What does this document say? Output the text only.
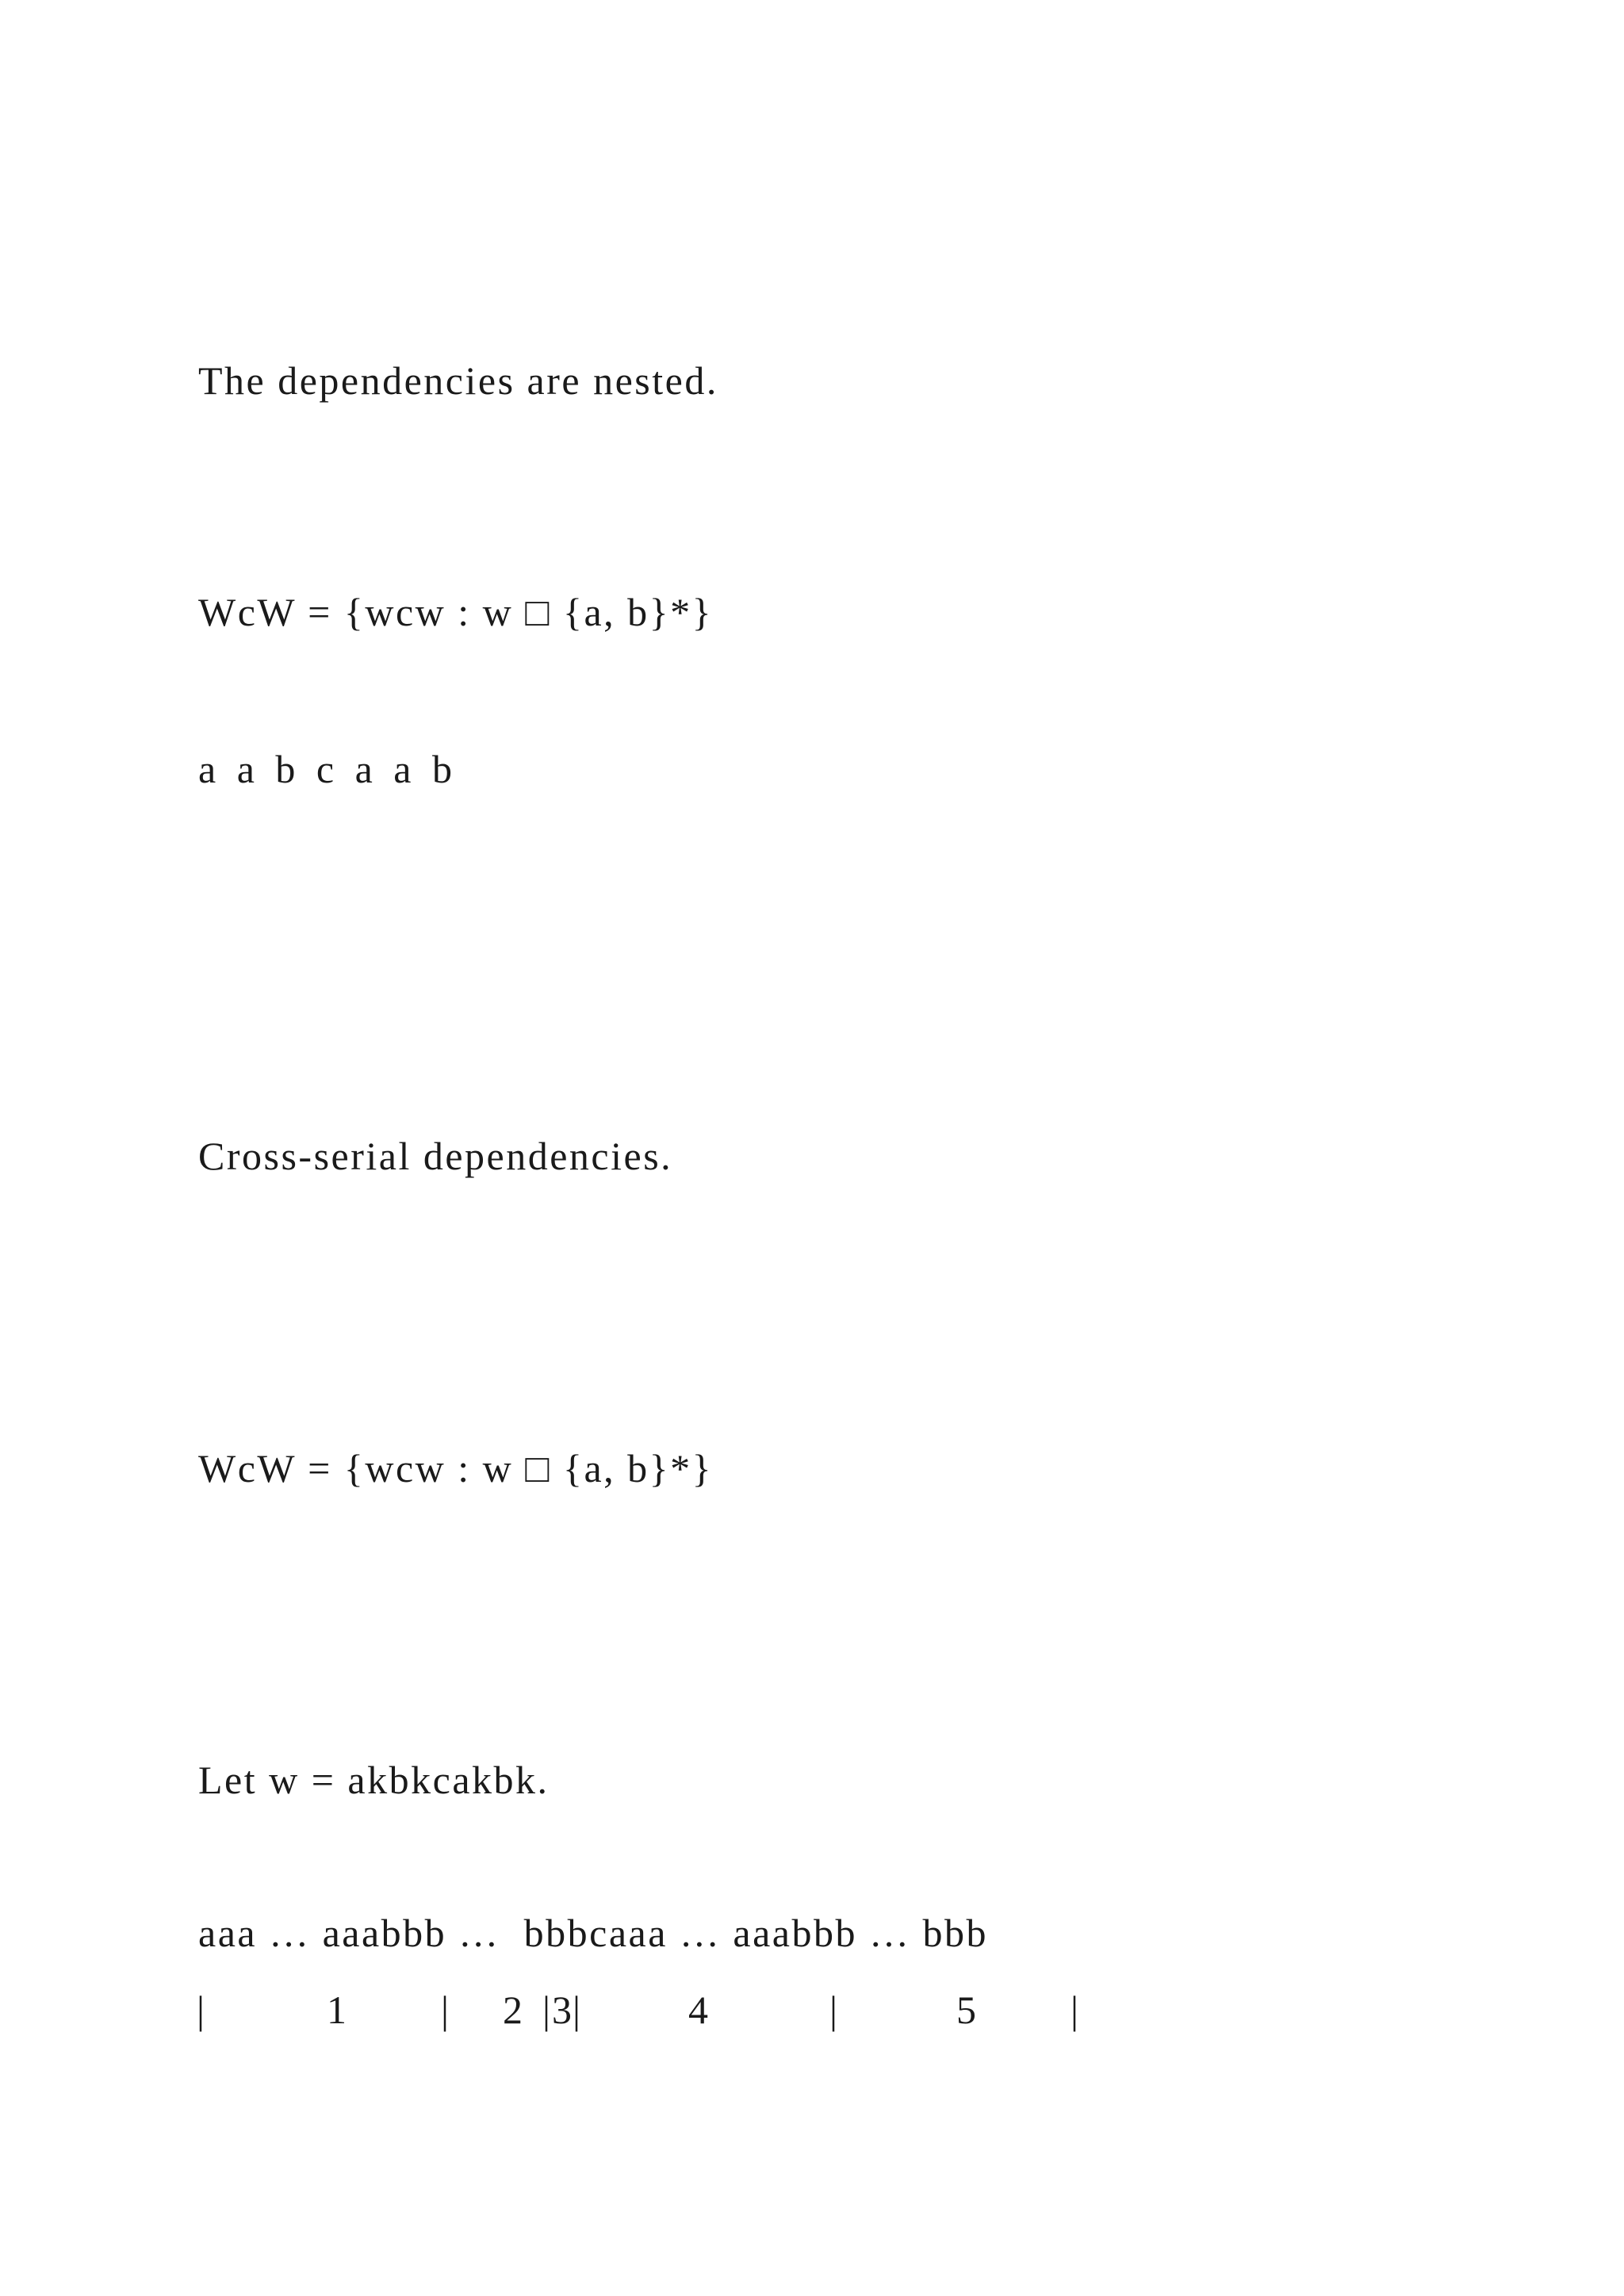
The dependencies are nested.

WcW = {wcw : w □ {a, b}*}

a a b c a a b

Cross-serial dependencies.

WcW = {wcw : w □ {a, b}*}

Let w = akbkcakbk.

aaa … aaabbb …  bbbcaaa … aaabbb … bbb

|	1 | 2 | 3 |	4	|	5 |
